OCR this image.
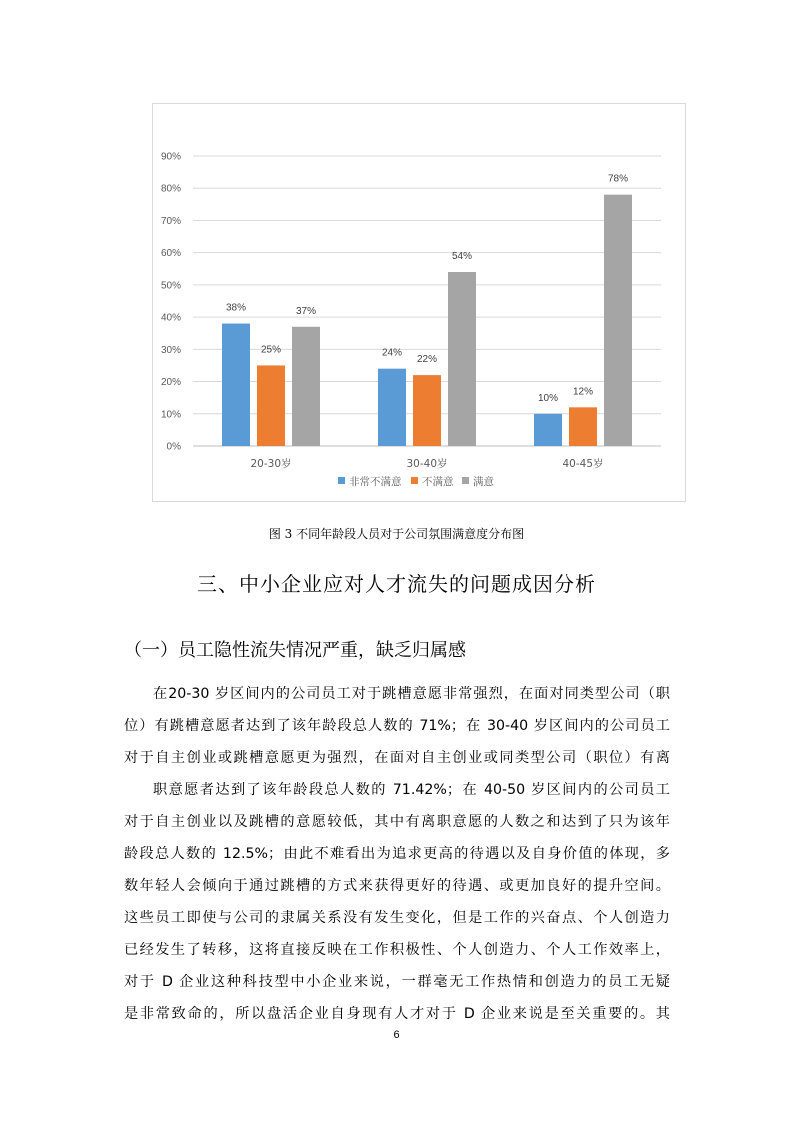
0%
10%
20%
30%
40%
50%
60%
70%
80%
90%
38%
25%
37%
20-30岁
24%
22%
54%
30-40岁
10%
12%
78%
40-45岁
非常不满意 不满意 满意
图 3 不同年龄段人员对于公司氛围满意度分布图
三、中小企业应对人才流失的问题成因分析
（一）员工隐性流失情况严重，缺乏归属感
在20-30 岁区间内的公司员工对于跳槽意愿非常强烈，在面对同类型公司（职
位）有跳槽意愿者达到了该年龄段总人数的 71%；在 30-40 岁区间内的公司员工
对于自主创业或跳槽意愿更为强烈，在面对自主创业或同类型公司（职位）有离
职意愿者达到了该年龄段总人数的 71.42%；在 40-50 岁区间内的公司员工
对于自主创业以及跳槽的意愿较低，其中有离职意愿的人数之和达到了只为该年
龄段总人数的 12.5%；由此不难看出为追求更高的待遇以及自身价值的体现，多
数年轻人会倾向于通过跳槽的方式来获得更好的待遇、或更加良好的提升空间。
这些员工即使与公司的隶属关系没有发生变化，但是工作的兴奋点、个人创造力
已经发生了转移，这将直接反映在工作积极性、个人创造力、个人工作效率上，
对于 D 企业这种科技型中小企业来说，一群毫无工作热情和创造力的员工无疑
是非常致命的，所以盘活企业自身现有人才对于 D 企业来说是至关重要的。其
6
